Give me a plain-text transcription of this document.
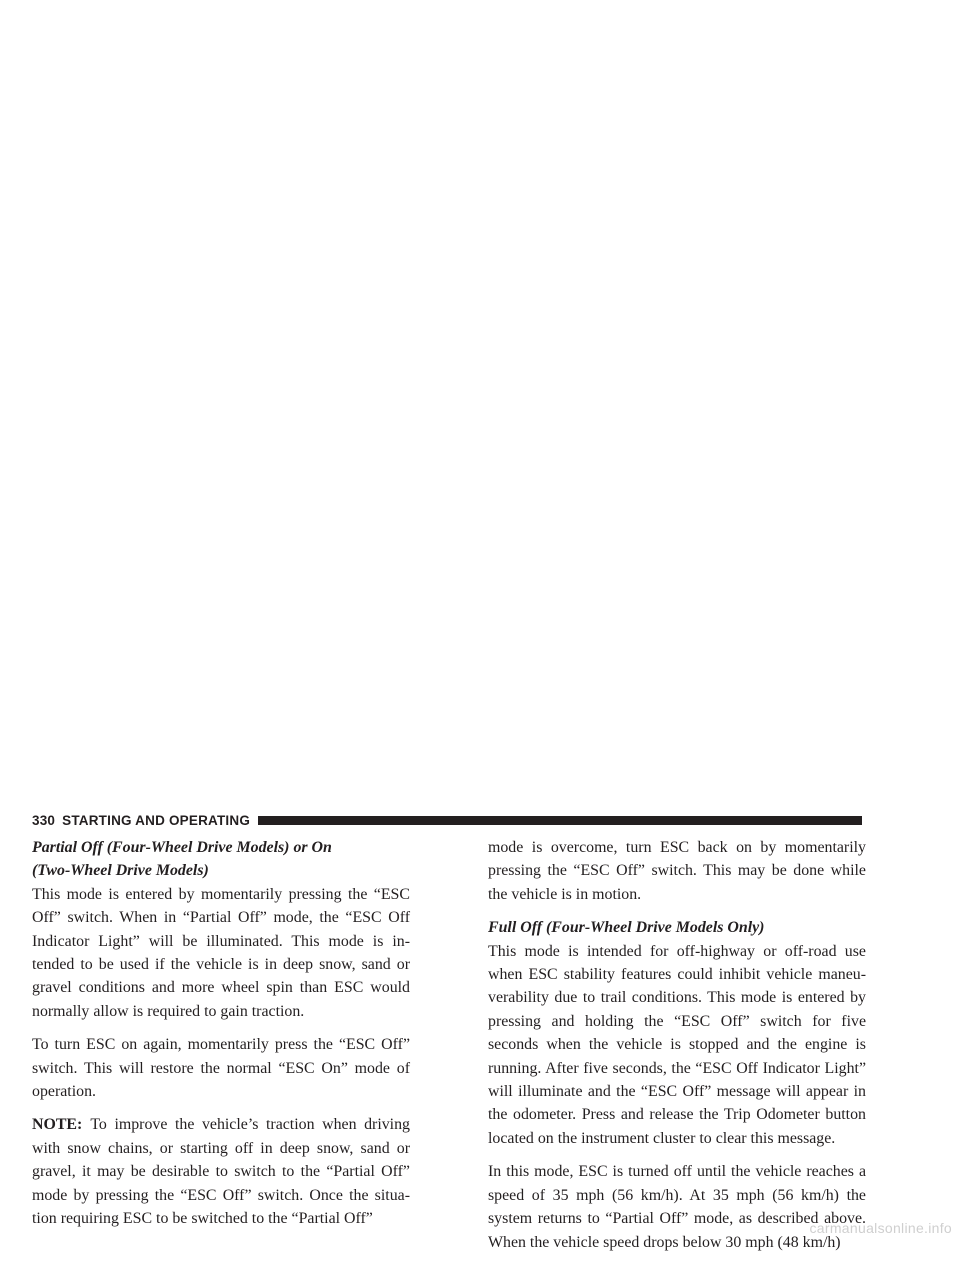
330 STARTING AND OPERATING

Partial Off (Four-Wheel Drive Models) or On

(Two-Wheel Drive Models)

This mode is entered by momentarily pressing the “ESC Off” switch. When in “Partial Off” mode, the “ESC Off Indicator Light” will be illuminated. This mode is in-tended to be used if the vehicle is in deep snow, sand or gravel conditions and more wheel spin than ESC would normally allow is required to gain traction.

To turn ESC on again, momentarily press the “ESC Off” switch. This will restore the normal “ESC On” mode of operation.

NOTE: To improve the vehicle’s traction when driving with snow chains, or starting off in deep snow, sand or gravel, it may be desirable to switch to the “Partial Off” mode by pressing the “ESC Off” switch. Once the situa-tion requiring ESC to be switched to the “Partial Off”

mode is overcome, turn ESC back on by momentarily pressing the “ESC Off” switch. This may be done while the vehicle is in motion.

Full Off (Four-Wheel Drive Models Only)

This mode is intended for off-highway or off-road use when ESC stability features could inhibit vehicle maneu-verability due to trail conditions. This mode is entered by pressing and holding the “ESC Off” switch for five seconds when the vehicle is stopped and the engine is running. After five seconds, the “ESC Off Indicator Light” will illuminate and the “ESC Off” message will appear in the odometer. Press and release the Trip Odometer button located on the instrument cluster to clear this message.

In this mode, ESC is turned off until the vehicle reaches a speed of 35 mph (56 km/h). At 35 mph (56 km/h) the system returns to “Partial Off” mode, as described above. When the vehicle speed drops below 30 mph (48 km/h)

carmanualsonline.info
